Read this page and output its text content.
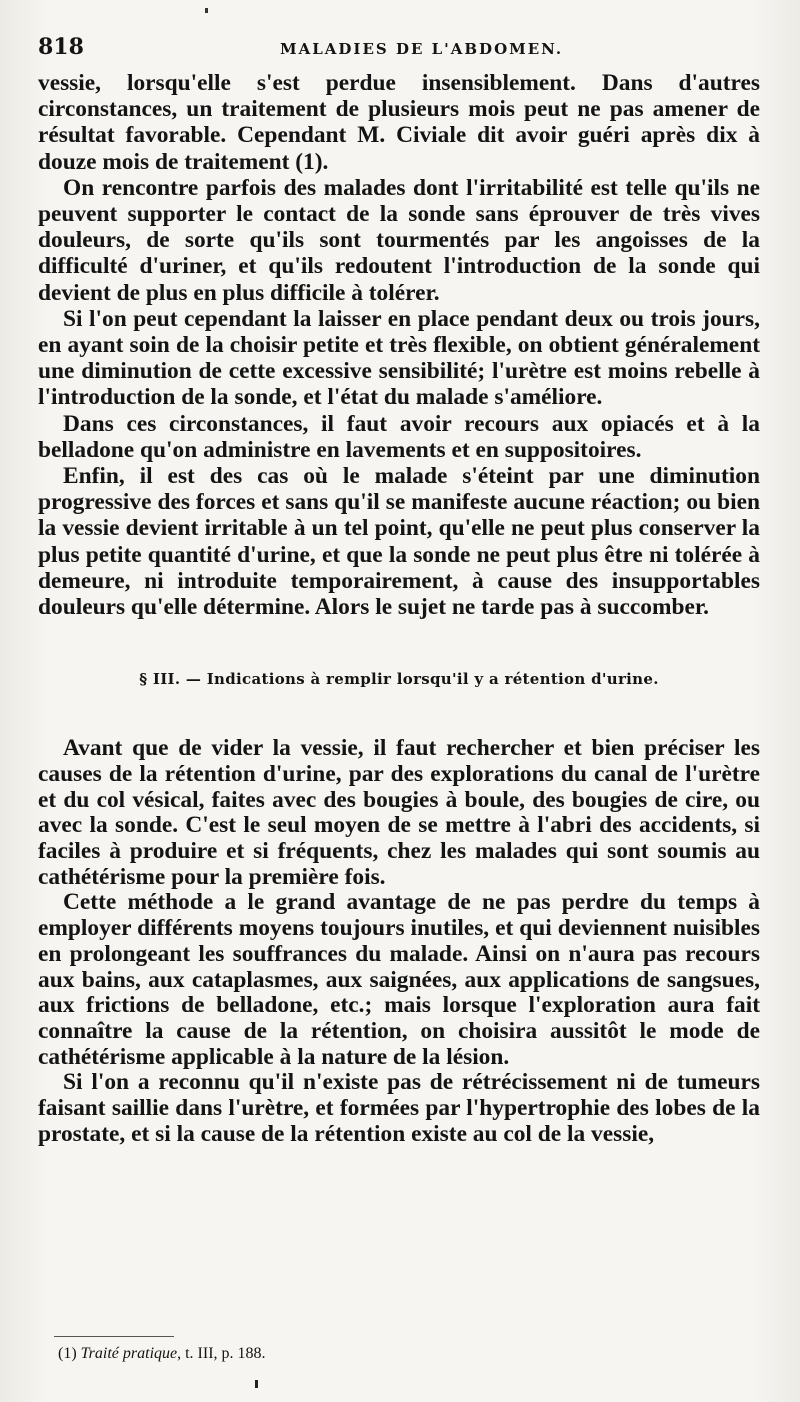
818	MALADIES DE L'ABDOMEN.

vessie, lorsqu'elle s'est perdue insensiblement. Dans d'autres circonstances, un traitement de plusieurs mois peut ne pas amener de résultat favorable. Cependant M. Civiale dit avoir guéri après dix à douze mois de traitement (1).

On rencontre parfois des malades dont l'irritabilité est telle qu'ils ne peuvent supporter le contact de la sonde sans éprouver de très vives douleurs, de sorte qu'ils sont tourmentés par les angoisses de la difficulté d'uriner, et qu'ils redoutent l'introduction de la sonde qui devient de plus en plus difficile à tolérer.

Si l'on peut cependant la laisser en place pendant deux ou trois jours, en ayant soin de la choisir petite et très flexible, on obtient généralement une diminution de cette excessive sensibilité; l'urètre est moins rebelle à l'introduction de la sonde, et l'état du malade s'améliore.

Dans ces circonstances, il faut avoir recours aux opiacés et à la belladone qu'on administre en lavements et en suppositoires.

Enfin, il est des cas où le malade s'éteint par une diminution progressive des forces et sans qu'il se manifeste aucune réaction; ou bien la vessie devient irritable à un tel point, qu'elle ne peut plus conserver la plus petite quantité d'urine, et que la sonde ne peut plus être ni tolérée à demeure, ni introduite temporairement, à cause des insupportables douleurs qu'elle détermine. Alors le sujet ne tarde pas à succomber.

§ III. — Indications à remplir lorsqu'il y a rétention d'urine.

Avant que de vider la vessie, il faut rechercher et bien préciser les causes de la rétention d'urine, par des explorations du canal de l'urètre et du col vésical, faites avec des bougies à boule, des bougies de cire, ou avec la sonde. C'est le seul moyen de se mettre à l'abri des accidents, si faciles à produire et si fréquents, chez les malades qui sont soumis au cathétérisme pour la première fois.

Cette méthode a le grand avantage de ne pas perdre du temps à employer différents moyens toujours inutiles, et qui deviennent nuisibles en prolongeant les souffrances du malade. Ainsi on n'aura pas recours aux bains, aux cataplasmes, aux saignées, aux applications de sangsues, aux frictions de belladone, etc.; mais lorsque l'exploration aura fait connaître la cause de la rétention, on choisira aussitôt le mode de cathétérisme applicable à la nature de la lésion.

Si l'on a reconnu qu'il n'existe pas de rétrécissement ni de tumeurs faisant saillie dans l'urètre, et formées par l'hypertrophie des lobes de la prostate, et si la cause de la rétention existe au col de la vessie,

(1) Traité pratique, t. III, p. 188.
